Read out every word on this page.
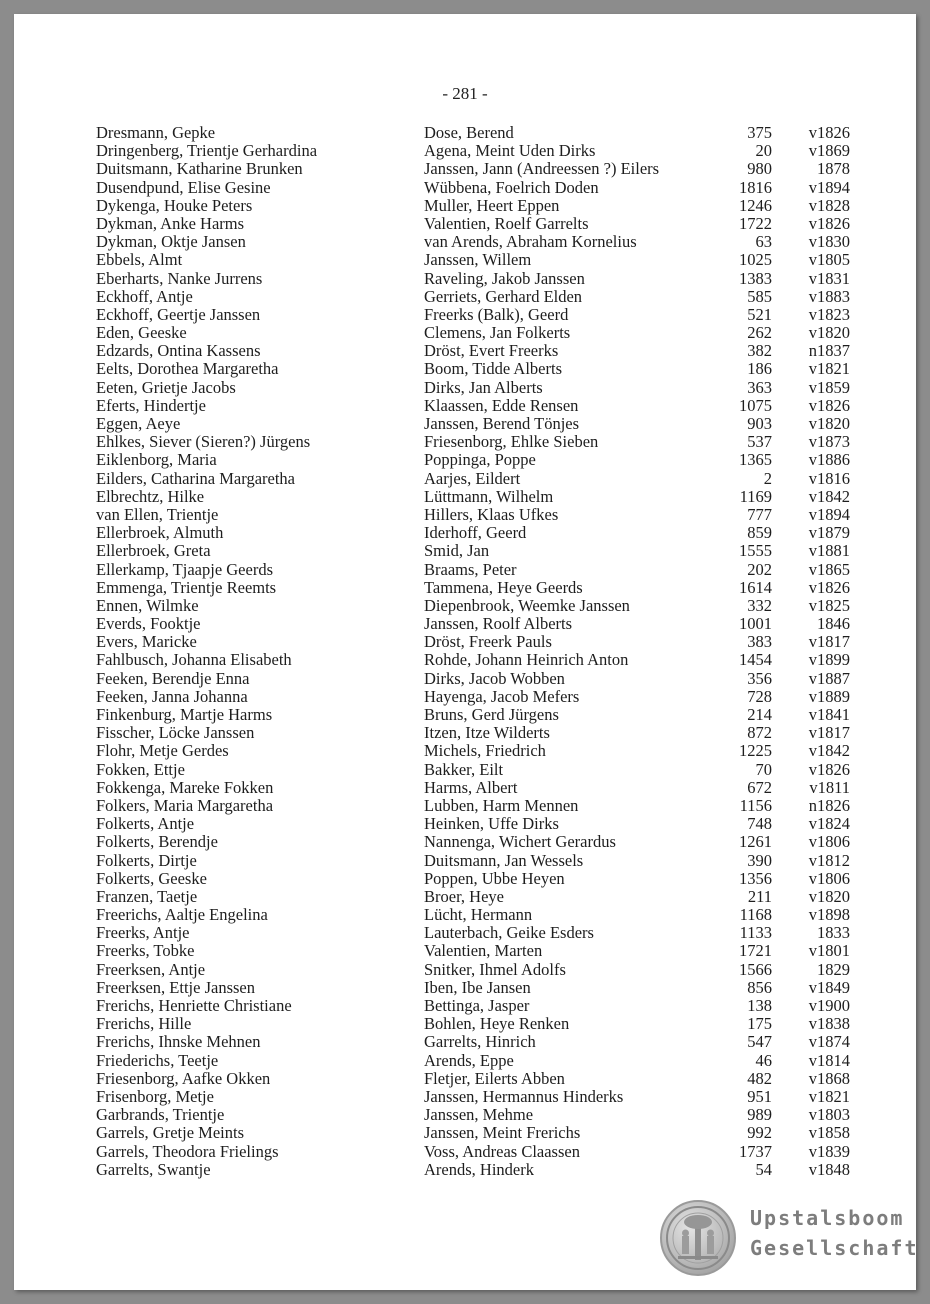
- 281 -
Dresmann, Gepke	Dose, Berend	375	v1826
Dringenberg, Trientje Gerhardina	Agena, Meint Uden Dirks	20	v1869
Duitsmann, Katharine Brunken	Janssen, Jann (Andreessen ?) Eilers	980	1878
Dusendpund, Elise Gesine	Wübbena, Foelrich Doden	1816	v1894
Dykenga, Houke Peters	Muller, Heert Eppen	1246	v1828
Dykman, Anke Harms	Valentien, Roelf Garrelts	1722	v1826
Dykman, Oktje Jansen	van Arends, Abraham Kornelius	63	v1830
Ebbels, Almt	Janssen, Willem	1025	v1805
Eberharts, Nanke Jurrens	Raveling, Jakob Janssen	1383	v1831
Eckhoff, Antje	Gerriets, Gerhard Elden	585	v1883
Eckhoff, Geertje Janssen	Freerks (Balk), Geerd	521	v1823
Eden, Geeske	Clemens, Jan Folkerts	262	v1820
Edzards, Ontina Kassens	Dröst, Evert Freerks	382	n1837
Eelts, Dorothea Margaretha	Boom, Tidde Alberts	186	v1821
Eeten, Grietje Jacobs	Dirks, Jan Alberts	363	v1859
Eferts, Hindertje	Klaassen, Edde Rensen	1075	v1826
Eggen, Aeye	Janssen, Berend Tönjes	903	v1820
Ehlkes, Siever (Sieren?) Jürgens	Friesenborg, Ehlke Sieben	537	v1873
Eiklenborg, Maria	Poppinga, Poppe	1365	v1886
Eilders, Catharina Margaretha	Aarjes, Eildert	2	v1816
Elbrechtz, Hilke	Lüttmann, Wilhelm	1169	v1842
van Ellen, Trientje	Hillers, Klaas Ufkes	777	v1894
Ellerbroek, Almuth	Iderhoff, Geerd	859	v1879
Ellerbroek, Greta	Smid, Jan	1555	v1881
Ellerkamp, Tjaapje Geerds	Braams, Peter	202	v1865
Emmenga, Trientje Reemts	Tammena, Heye Geerds	1614	v1826
Ennen, Wilmke	Diepenbrook, Weemke Janssen	332	v1825
Everds, Fooktje	Janssen, Roolf Alberts	1001	1846
Evers, Maricke	Dröst, Freerk Pauls	383	v1817
Fahlbusch, Johanna Elisabeth	Rohde, Johann Heinrich Anton	1454	v1899
Feeken, Berendje Enna	Dirks, Jacob Wobben	356	v1887
Feeken, Janna Johanna	Hayenga, Jacob Mefers	728	v1889
Finkenburg, Martje Harms	Bruns, Gerd Jürgens	214	v1841
Fisscher, Löcke Janssen	Itzen, Itze Wilderts	872	v1817
Flohr, Metje Gerdes	Michels, Friedrich	1225	v1842
Fokken, Ettje	Bakker, Eilt	70	v1826
Fokkenga, Mareke Fokken	Harms, Albert	672	v1811
Folkers, Maria Margaretha	Lubben, Harm Mennen	1156	n1826
Folkerts, Antje	Heinken, Uffe Dirks	748	v1824
Folkerts, Berendje	Nannenga, Wichert Gerardus	1261	v1806
Folkerts, Dirtje	Duitsmann, Jan Wessels	390	v1812
Folkerts, Geeske	Poppen, Ubbe Heyen	1356	v1806
Franzen, Taetje	Broer, Heye	211	v1820
Freerichs, Aaltje Engelina	Lücht, Hermann	1168	v1898
Freerks, Antje	Lauterbach, Geike Esders	1133	1833
Freerks, Tobke	Valentien, Marten	1721	v1801
Freerksen, Antje	Snitker, Ihmel Adolfs	1566	1829
Freerksen, Ettje Janssen	Iben, Ibe Jansen	856	v1849
Frerichs, Henriette Christiane	Bettinga, Jasper	138	v1900
Frerichs, Hille	Bohlen, Heye Renken	175	v1838
Frerichs, Ihnske Mehnen	Garrelts, Hinrich	547	v1874
Friederichs, Teetje	Arends, Eppe	46	v1814
Friesenborg, Aafke Okken	Fletjer, Eilerts Abben	482	v1868
Frisenborg, Metje	Janssen, Hermannus Hinderks	951	v1821
Garbrands, Trientje	Janssen, Mehme	989	v1803
Garrels, Gretje Meints	Janssen, Meint Frerichs	992	v1858
Garrels, Theodora Frielings	Voss, Andreas Claassen	1737	v1839
Garrelts, Swantje	Arends, Hinderk	54	v1848
Upstalsboom
Gesellschaft
